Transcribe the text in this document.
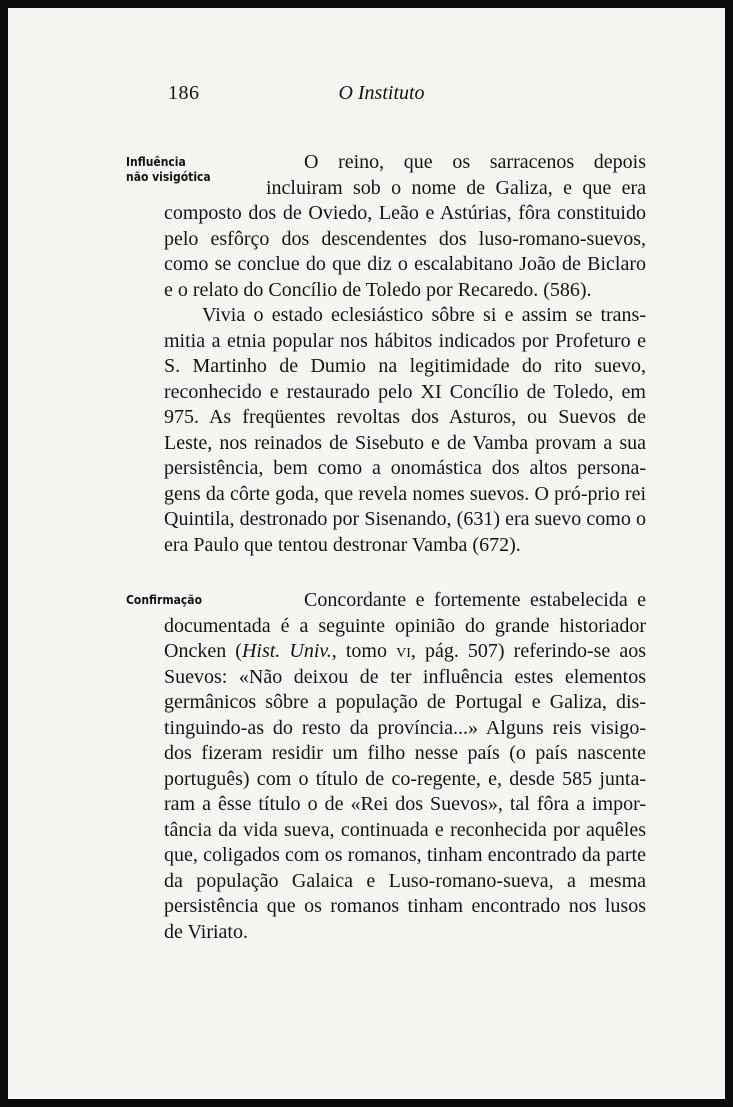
186	O Instituto

Influência
não visigótica
O reino, que os sarracenos depois incluiram sob o nome de Galiza, e que era composto dos de Oviedo, Leão e Astúrias, fôra constituido pelo esfôrço dos descendentes dos luso-romano-suevos, como se conclue do que diz o escalabitano João de Biclaro e o relato do Concílio de Toledo por Recaredo. (586).

Vivia o estado eclesiástico sôbre si e assim se trans-mitia a etnia popular nos hábitos indicados por Profeturo e S. Martinho de Dumio na legitimidade do rito suevo, reconhecido e restaurado pelo XI Concílio de Toledo, em 975. As freqüentes revoltas dos Asturos, ou Suevos de Leste, nos reinados de Sisebuto e de Vamba provam a sua persistência, bem como a onomástica dos altos persona-gens da côrte goda, que revela nomes suevos. O pró-prio rei Quintila, destronado por Sisenando, (631) era suevo como o era Paulo que tentou destronar Vamba (672).

Confirmação	Concordante e fortemente estabelecida e documentada é a seguinte opinião do grande historiador Oncken (Hist. Univ., tomo vi, pág. 507) referindo-se aos Suevos: «Não deixou de ter influência estes elementos germânicos sôbre a população de Portugal e Galiza, dis-tinguindo-as do resto da província...» Alguns reis visigo-dos fizeram residir um filho nesse país (o país nascente português) com o título de co-regente, e, desde 585 junta-ram a êsse título o de «Rei dos Suevos», tal fôra a impor-tância da vida sueva, continuada e reconhecida por aquêles que, coligados com os romanos, tinham encontrado da parte da população Galaica e Luso-romano-sueva, a mesma persistência que os romanos tinham encontrado nos lusos de Viriato.
